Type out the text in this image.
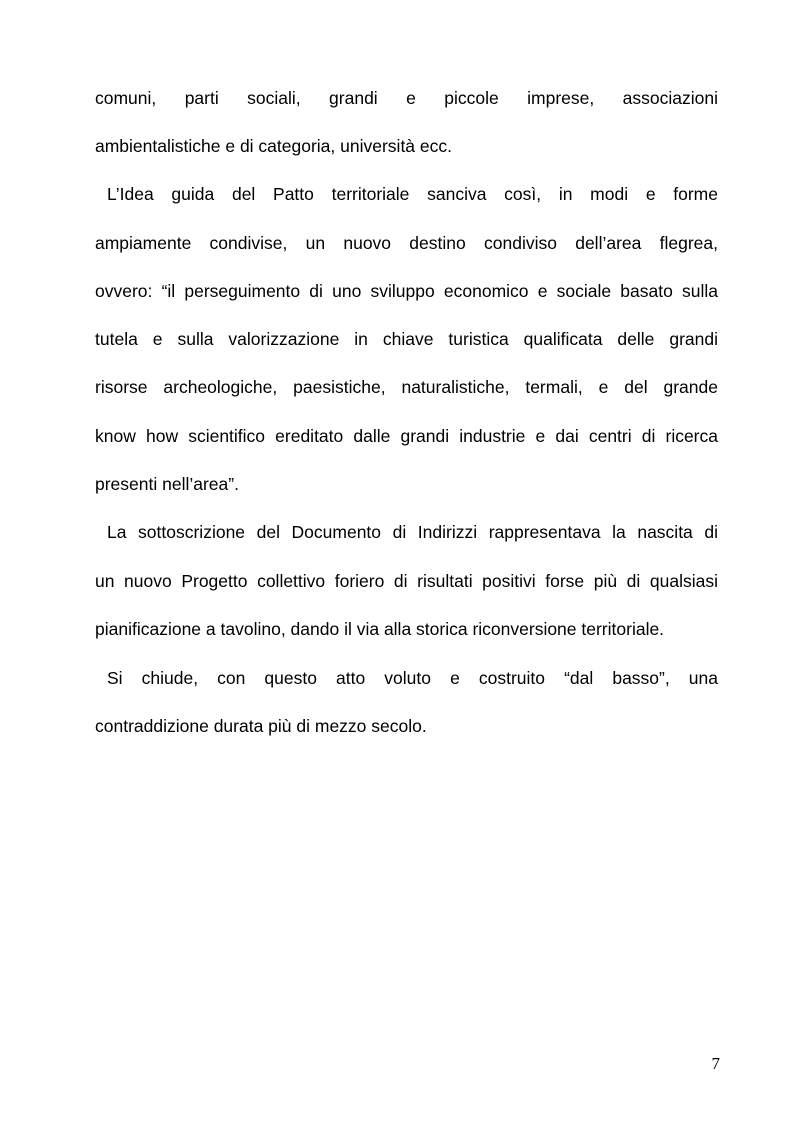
comuni, parti sociali, grandi e piccole imprese, associazioni
ambientalistiche e di categoria, università ecc.
L’Idea guida del Patto territoriale sanciva così, in modi e forme
ampiamente condivise, un nuovo destino condiviso dell’area flegrea,
ovvero: “il perseguimento di uno sviluppo economico e sociale basato sulla
tutela e sulla valorizzazione in chiave turistica qualificata delle grandi
risorse archeologiche, paesistiche, naturalistiche, termali, e del grande
know how scientifico ereditato dalle grandi industrie e dai centri di ricerca
presenti nell’area”.
La sottoscrizione del Documento di Indirizzi rappresentava la nascita di
un nuovo Progetto collettivo foriero di risultati positivi forse più di qualsiasi
pianificazione a tavolino, dando il via alla storica riconversione territoriale.
Si chiude, con questo atto voluto e costruito “dal basso”, una
contraddizione durata più di mezzo secolo.
7
